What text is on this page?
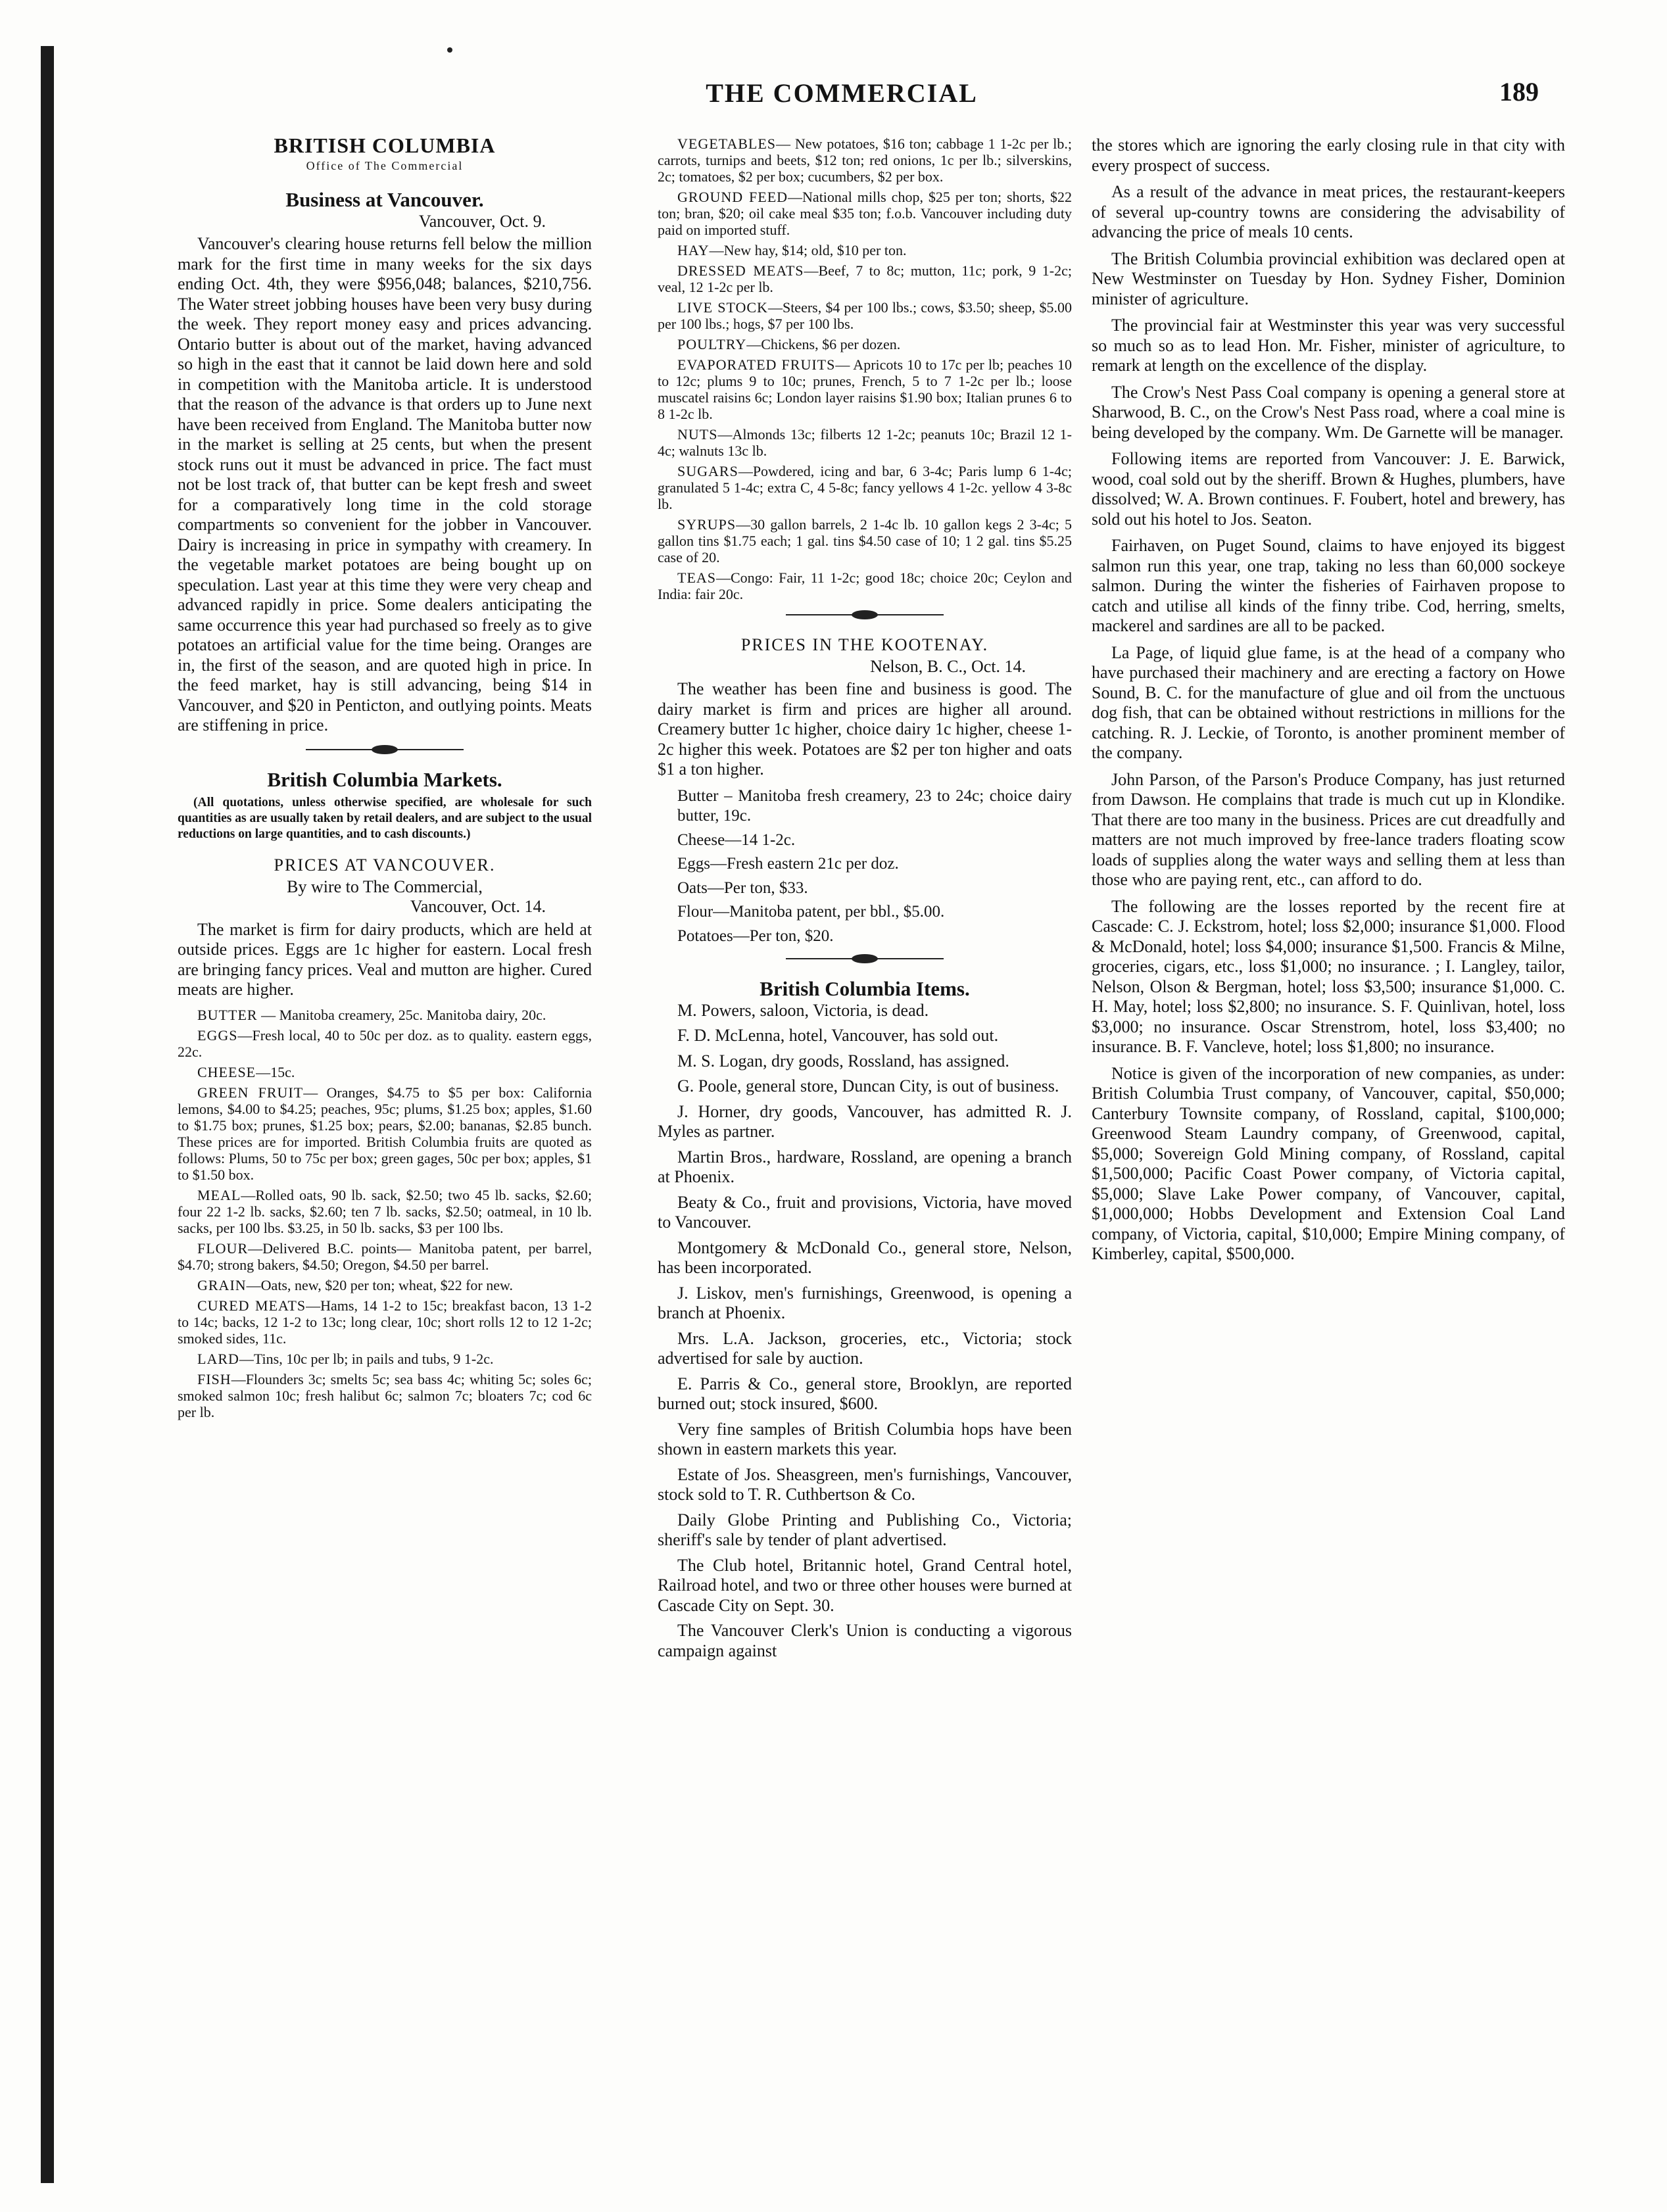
THE COMMERCIAL	189
BRITISH COLUMBIA
Office of The Commercial
Business at Vancouver.
Vancouver, Oct. 9.

Vancouver's clearing house returns fell below the million mark for the first time in many weeks for the six days ending Oct. 4th, they were $956,048; balances, $210,756. The Water street jobbing houses have been very busy during the week. They report money easy and prices advancing. Ontario butter is about out of the market, having advanced so high in the east that it cannot be laid down here and sold in competition with the Manitoba article. It is understood that the reason of the advance is that orders up to June next have been received from England. The Manitoba butter now in the market is selling at 25 cents, but when the present stock runs out it must be advanced in price. The fact must not be lost track of, that butter can be kept fresh and sweet for a comparatively long time in the cold storage compartments so convenient for the jobber in Vancouver. Dairy is increasing in price in sympathy with creamery. In the vegetable market potatoes are being bought up on speculation. Last year at this time they were very cheap and advanced rapidly in price. Some dealers anticipating the same occurrence this year had purchased so freely as to give potatoes an artificial value for the time being. Oranges are in, the first of the season, and are quoted high in price. In the feed market, hay is still advancing, being $14 in Vancouver, and $20 in Penticton, and outlying points. Meats are stiffening in price.

British Columbia Markets.

(All quotations, unless otherwise specified, are wholesale for such quantities as are usually taken by retail dealers, and are subject to the usual reductions on large quantities, and to cash discounts.)

PRICES AT VANCOUVER.
By wire to The Commercial,
Vancouver, Oct. 14.

The market is firm for dairy products, which are held at outside prices. Eggs are 1c higher for eastern. Local fresh are bringing fancy prices. Veal and mutton are higher. Cured meats are higher.

BUTTER — Manitoba creamery, 25c. Manitoba dairy, 20c.
EGGS—Fresh local, 40 to 50c per doz. as to quality. eastern eggs, 22c.
CHEESE—15c.
GREEN FRUIT— Oranges, $4.75 to $5 per box: California lemons, $4.00 to $4.25; peaches, 95c; plums, $1.25 box; apples, $1.60 to $1.75 box; prunes, $1.25 box; pears, $2.00; bananas, $2.85 bunch. These prices are for imported. British Columbia fruits are quoted as follows: Plums, 50 to 75c per box; green gages, 50c per box; apples, $1 to $1.50 box.
MEAL—Rolled oats, 90 lb. sack, $2.50; two 45 lb. sacks, $2.60; four 22 1-2 lb. sacks, $2.60; ten 7 lb. sacks, $2.50; oatmeal, in 10 lb. sacks, per 100 lbs. $3.25, in 50 lb. sacks, $3 per 100 lbs.
FLOUR—Delivered B.C. points— Manitoba patent, per barrel, $4.70; strong bakers, $4.50; Oregon, $4.50 per barrel.
GRAIN—Oats, new, $20 per ton; wheat, $22 for new.
CURED MEATS—Hams, 14 1-2 to 15c; breakfast bacon, 13 1-2 to 14c; backs, 12 1-2 to 13c; long clear, 10c; short rolls 12 to 12 1-2c; smoked sides, 11c.
LARD—Tins, 10c per lb; in pails and tubs, 9 1-2c.
FISH—Flounders 3c; smelts 5c; sea bass 4c; whiting 5c; soles 6c; smoked salmon 10c; fresh halibut 6c; salmon 7c; bloaters 7c; cod 6c per lb.
VEGETABLES— New potatoes, $16 ton; cabbage 1 1-2c per lb.; carrots, turnips and beets, $12 ton; red onions, 1c per lb.; silverskins, 2c; tomatoes, $2 per box; cucumbers, $2 per box.
GROUND FEED—National mills chop, $25 per ton; shorts, $22 ton; bran, $20; oil cake meal $35 ton; f.o.b. Vancouver including duty paid on imported stuff.
HAY—New hay, $14; old, $10 per ton.
DRESSED MEATS—Beef, 7 to 8c; mutton, 11c; pork, 9 1-2c; veal, 12 1-2c per lb.
LIVE STOCK—Steers, $4 per 100 lbs.; cows, $3.50; sheep, $5.00 per 100 lbs.; hogs, $7 per 100 lbs.
POULTRY—Chickens, $6 per dozen.
EVAPORATED FRUITS— Apricots 10 to 17c per lb; peaches 10 to 12c; plums 9 to 10c; prunes, French, 5 to 7 1-2c per lb.; loose muscatel raisins 6c; London layer raisins $1.90 box; Italian prunes 6 to 8 1-2c lb.
NUTS—Almonds 13c; filberts 12 1-2c; peanuts 10c; Brazil 12 1-4c; walnuts 13c lb.
SUGARS—Powdered, icing and bar, 6 3-4c; Paris lump 6 1-4c; granulated 5 1-4c; extra C, 4 5-8c; fancy yellows 4 1-2c. yellow 4 3-8c lb.
SYRUPS—30 gallon barrels, 2 1-4c lb. 10 gallon kegs 2 3-4c; 5 gallon tins $1.75 each; 1 gal. tins $4.50 case of 10; 1 2 gal. tins $5.25 case of 20.
TEAS—Congo: Fair, 11 1-2c; good 18c; choice 20c; Ceylon and India: fair 20c.
PRICES IN THE KOOTENAY.
Nelson, B. C., Oct. 14.

The weather has been fine and business is good. The dairy market is firm and prices are higher all around. Creamery butter 1c higher, choice dairy 1c higher, cheese 1-2c higher this week. Potatoes are $2 per ton higher and oats $1 a ton higher.

Butter – Manitoba fresh creamery, 23 to 24c; choice dairy butter, 19c.
Cheese—14 1-2c.
Eggs—Fresh eastern 21c per doz.
Oats—Per ton, $33.
Flour—Manitoba patent, per bbl., $5.00.
Potatoes—Per ton, $20.
British Columbia Items.

M. Powers, saloon, Victoria, is dead.

F. D. McLenna, hotel, Vancouver, has sold out.

M. S. Logan, dry goods, Rossland, has assigned.

G. Poole, general store, Duncan City, is out of business.

J. Horner, dry goods, Vancouver, has admitted R. J. Myles as partner.

Martin Bros., hardware, Rossland, are opening a branch at Phoenix.

Beaty & Co., fruit and provisions, Victoria, have moved to Vancouver.

Montgomery & McDonald Co., general store, Nelson, has been incorporated.

J. Liskov, men's furnishings, Greenwood, is opening a branch at Phoenix.

Mrs. L.A. Jackson, groceries, etc., Victoria; stock advertised for sale by auction.

E. Parris & Co., general store, Brooklyn, are reported burned out; stock insured, $600.

Very fine samples of British Columbia hops have been shown in eastern markets this year.

Estate of Jos. Sheasgreen, men's furnishings, Vancouver, stock sold to T. R. Cuthbertson & Co.

Daily Globe Printing and Publishing Co., Victoria; sheriff's sale by tender of plant advertised.

The Club hotel, Britannic hotel, Grand Central hotel, Railroad hotel, and two or three other houses were burned at Cascade City on Sept. 30.

The Vancouver Clerk's Union is conducting a vigorous campaign against

the stores which are ignoring the early closing rule in that city with every prospect of success.

As a result of the advance in meat prices, the restaurant-keepers of several up-country towns are considering the advisability of advancing the price of meals 10 cents.

The British Columbia provincial exhibition was declared open at New Westminster on Tuesday by Hon. Sydney Fisher, Dominion minister of agriculture.

The provincial fair at Westminster this year was very successful so much so as to lead Hon. Mr. Fisher, minister of agriculture, to remark at length on the excellence of the display.

The Crow's Nest Pass Coal company is opening a general store at Sharwood, B. C., on the Crow's Nest Pass road, where a coal mine is being developed by the company. Wm. De Garnette will be manager.

Following items are reported from Vancouver: J. E. Barwick, wood, coal sold out by the sheriff. Brown & Hughes, plumbers, have dissolved; W. A. Brown continues. F. Foubert, hotel and brewery, has sold out his hotel to Jos. Seaton.

Fairhaven, on Puget Sound, claims to have enjoyed its biggest salmon run this year, one trap, taking no less than 60,000 sockeye salmon. During the winter the fisheries of Fairhaven propose to catch and utilise all kinds of the finny tribe. Cod, herring, smelts, mackerel and sardines are all to be packed.

La Page, of liquid glue fame, is at the head of a company who have purchased their machinery and are erecting a factory on Howe Sound, B. C. for the manufacture of glue and oil from the unctuous dog fish, that can be obtained without restrictions in millions for the catching. R. J. Leckie, of Toronto, is another prominent member of the company.

John Parson, of the Parson's Produce Company, has just returned from Dawson. He complains that trade is much cut up in Klondike. That there are too many in the business. Prices are cut dreadfully and matters are not much improved by free-lance traders floating scow loads of supplies along the water ways and selling them at less than those who are paying rent, etc., can afford to do.

The following are the losses reported by the recent fire at Cascade: C. J. Eckstrom, hotel; loss $2,000; insurance $1,000. Flood & McDonald, hotel; loss $4,000; insurance $1,500. Francis & Milne, groceries, cigars, etc., loss $1,000; no insurance. ; I. Langley, tailor, Nelson, Olson & Bergman, hotel; loss $3,500; insurance $1,000. C. H. May, hotel; loss $2,800; no insurance. S. F. Quinlivan, hotel, loss $3,000; no insurance. Oscar Strenstrom, hotel, loss $3,400; no insurance. B. F. Vancleve, hotel; loss $1,800; no insurance.

Notice is given of the incorporation of new companies, as under: British Columbia Trust company, of Vancouver, capital, $50,000; Canterbury Townsite company, of Rossland, capital, $100,000; Greenwood Steam Laundry company, of Greenwood, capital, $5,000; Sovereign Gold Mining company, of Rossland, capital $1,500,000; Pacific Coast Power company, of Victoria capital, $5,000; Slave Lake Power company, of Vancouver, capital, $1,000,000; Hobbs Development and Extension Coal Land company, of Victoria, capital, $10,000; Empire Mining company, of Kimberley, capital, $500,000.
